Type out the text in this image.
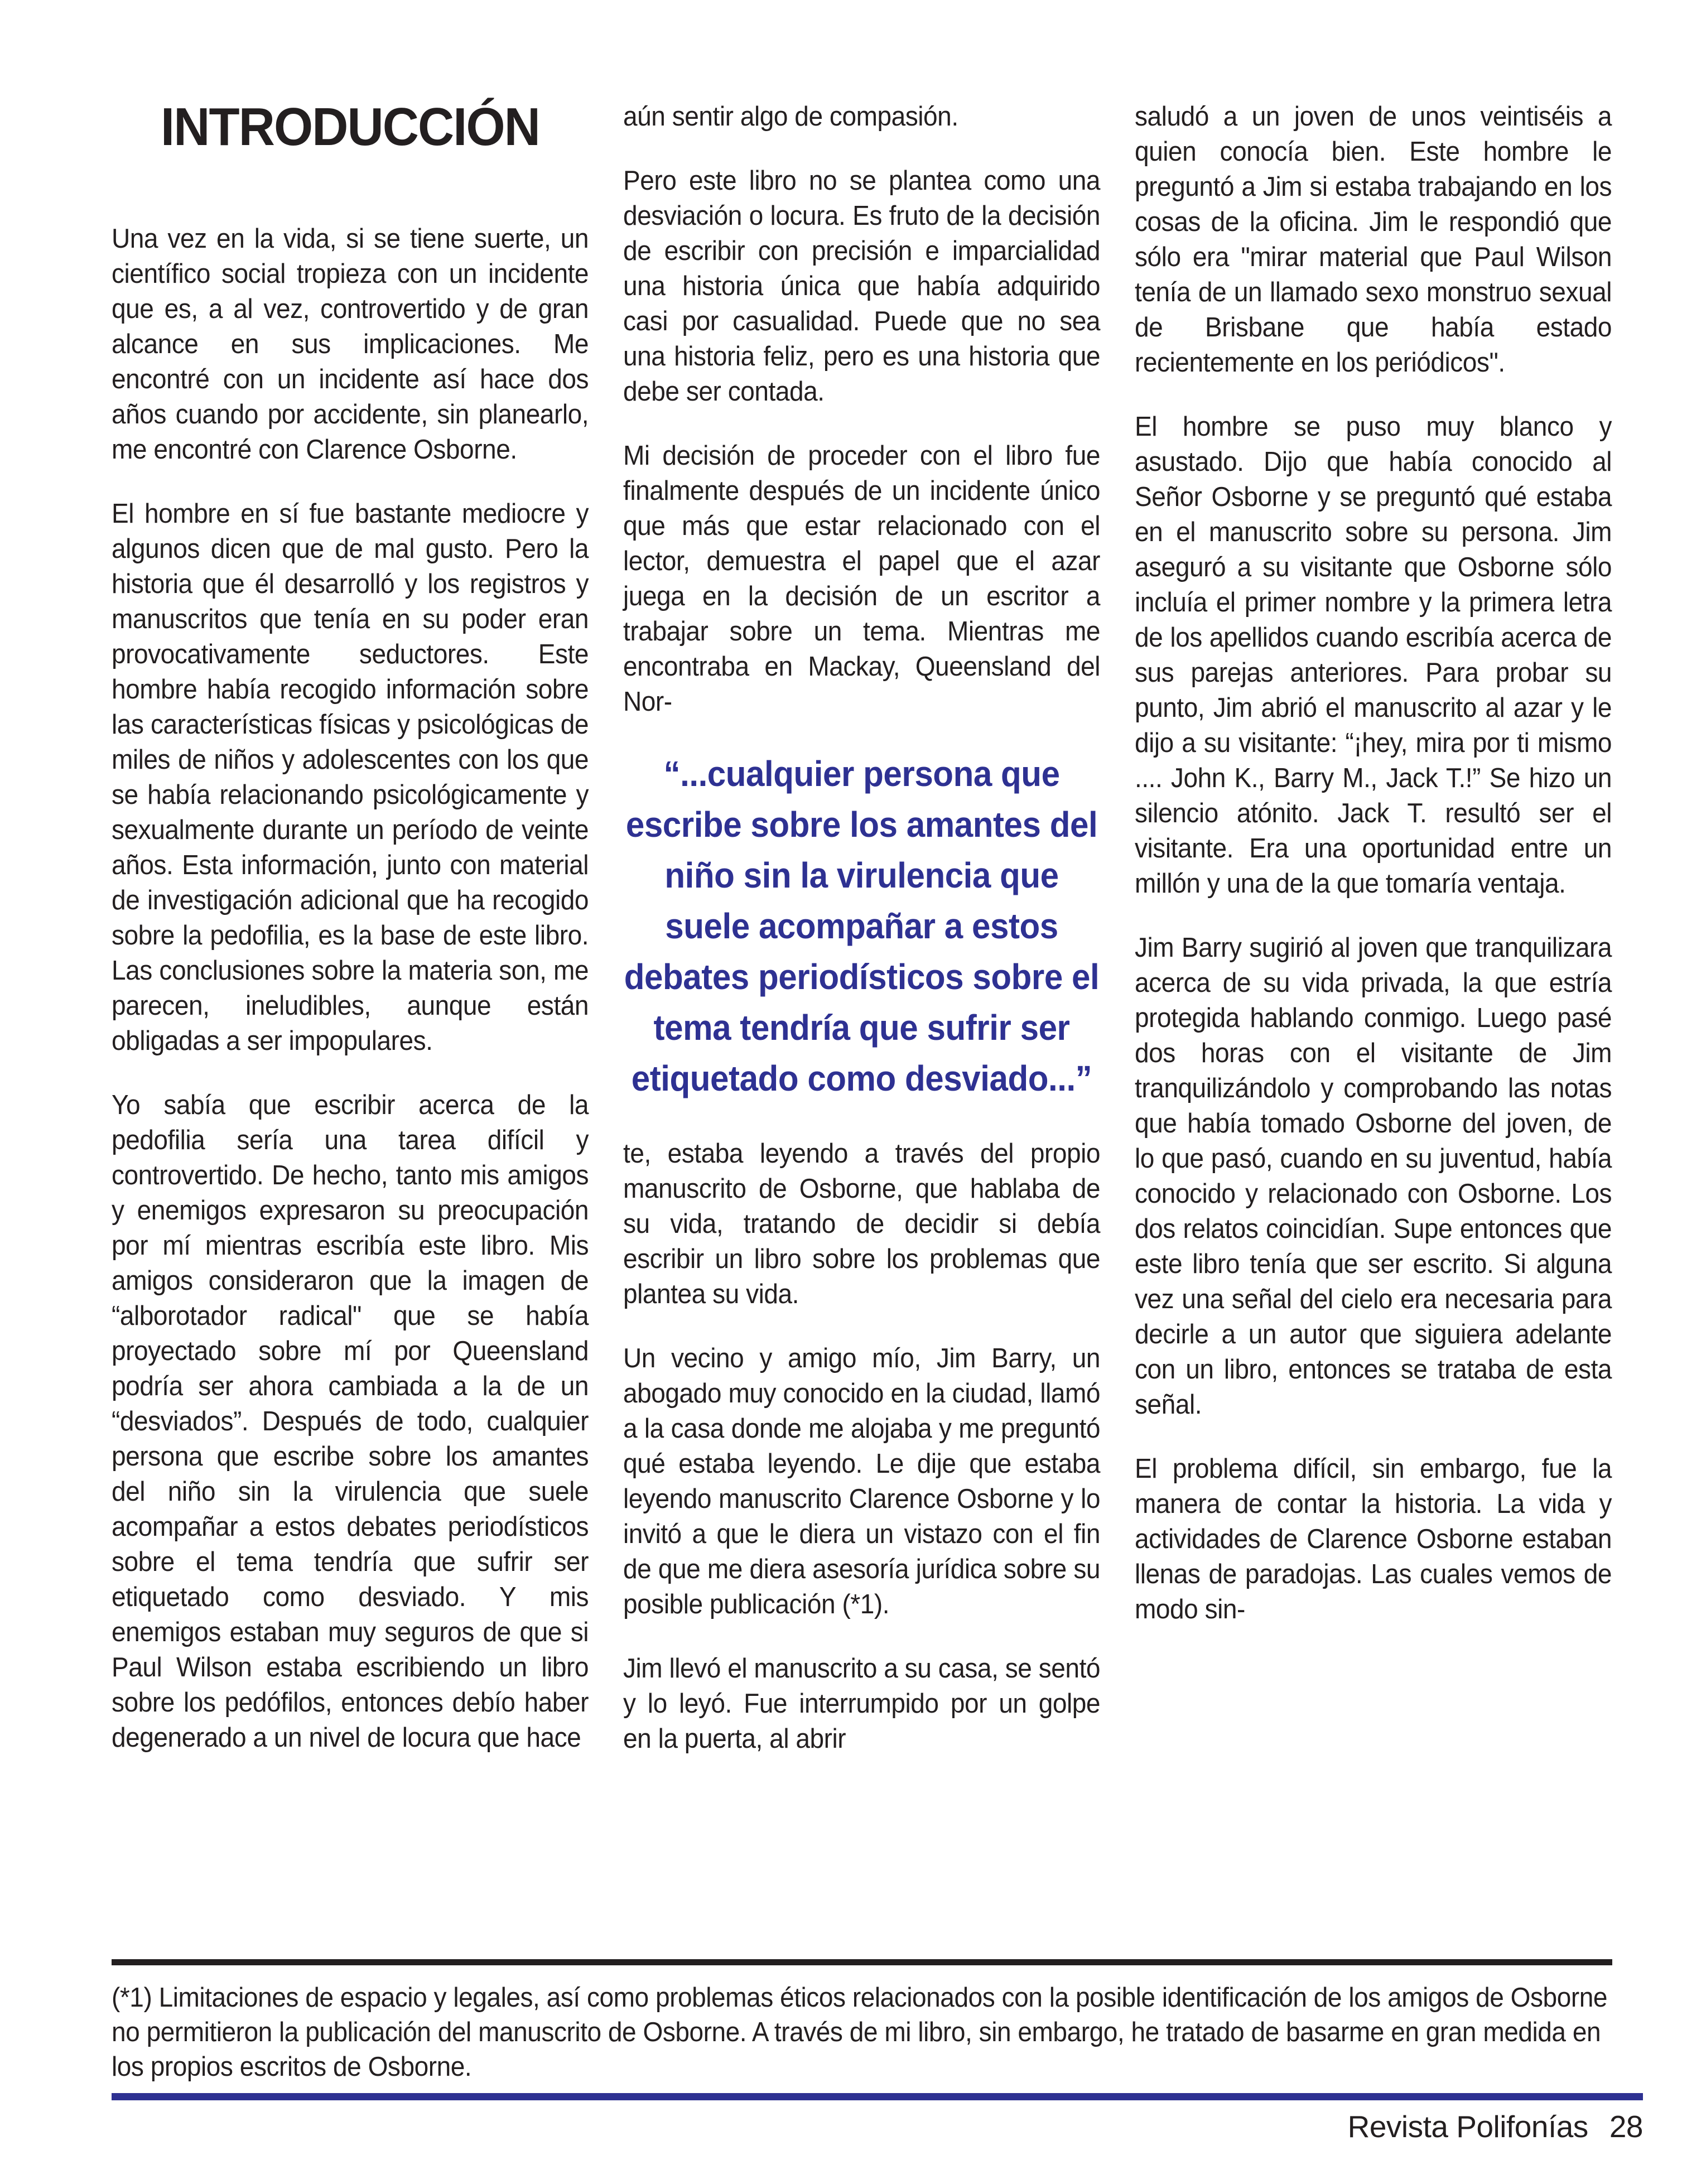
INTRODUCCIÓN

Una vez en la vida, si se tiene suerte, un científico social tropieza con un incidente que es, a al vez, controvertido y de gran alcance en sus implicaciones. Me encontré con un incidente así hace dos años cuando por accidente, sin planearlo, me encontré con Clarence Osborne.

El hombre en sí fue bastante mediocre y algunos dicen que de mal gusto. Pero la historia que él desarrolló y los registros y manuscritos que tenía en su poder eran provocativamente seductores. Este hombre había recogido información sobre las características físicas y psicológicas de miles de niños y adolescentes con los que se había relacionando psicológicamente y sexualmente durante un período de veinte años. Esta información, junto con material de investigación adicional que ha recogido sobre la pedofilia, es la base de este libro. Las conclusiones sobre la materia son, me parecen, ineludibles, aunque están obligadas a ser impopulares.

Yo sabía que escribir acerca de la pedofilia sería una tarea difícil y controvertido. De hecho, tanto mis amigos y enemigos expresaron su preocupación por mí mientras escribía este libro. Mis amigos consideraron que la imagen de “alborotador radical" que se había proyectado sobre mí por Queensland podría ser ahora cambiada a la de un “desviados”. Después de todo, cualquier persona que escribe sobre los amantes del niño sin la virulencia que suele acompañar a estos debates periodísticos sobre el tema tendría que sufrir ser etiquetado como desviado. Y mis enemigos estaban muy seguros de que si Paul Wilson estaba escribiendo un libro sobre los pedófilos, entonces debío haber degenerado a un nivel de locura que hace

aún sentir algo de compasión.

Pero este libro no se plantea como una desviación o locura. Es fruto de la decisión de escribir con precisión e imparcialidad una historia única que había adquirido casi por casualidad. Puede que no sea una historia feliz, pero es una historia que debe ser contada.

Mi decisión de proceder con el libro fue finalmente después de un incidente único que más que estar relacionado con el lector, demuestra el papel que el azar juega en la decisión de un escritor a trabajar sobre un tema. Mientras me encontraba en Mackay, Queensland del Nor-

“...cualquier persona que escribe sobre los amantes del niño sin la virulencia que suele acompañar a estos debates periodísticos sobre el tema tendría que sufrir ser etiquetado como desviado...”

te, estaba leyendo a través del propio manuscrito de Osborne, que hablaba de su vida, tratando de decidir si debía escribir un libro sobre los problemas que plantea su vida.

Un vecino y amigo mío, Jim Barry, un abogado muy conocido en la ciudad, llamó a la casa donde me alojaba y me preguntó qué estaba leyendo. Le dije que estaba leyendo manuscrito Clarence Osborne y lo invitó a que le diera un vistazo con el fin de que me diera asesoría jurídica sobre su posible publicación (*1).

Jim llevó el manuscrito a su casa, se sentó y lo leyó. Fue interrumpido por un golpe en la puerta, al abrir

saludó a un joven de unos veintiséis a quien conocía bien. Este hombre le preguntó a Jim si estaba trabajando en los cosas de la oficina. Jim le respondió que sólo era "mirar material que Paul Wilson tenía de un llamado sexo monstruo sexual de Brisbane que había estado recientemente en los periódicos".

El hombre se puso muy blanco y asustado. Dijo que había conocido al Señor Osborne y se preguntó qué estaba en el manuscrito sobre su persona. Jim aseguró a su visitante que Osborne sólo incluía el primer nombre y la primera letra de los apellidos cuando escribía acerca de sus parejas anteriores. Para probar su punto, Jim abrió el manuscrito al azar y le dijo a su visitante: “¡hey, mira por ti mismo .... John K., Barry M., Jack T.!” Se hizo un silencio atónito. Jack T. resultó ser el visitante. Era una oportunidad entre un millón y una de la que tomaría ventaja.

Jim Barry sugirió al joven que tranquilizara acerca de su vida privada, la que estría protegida hablando conmigo. Luego pasé dos horas con el visitante de Jim tranquilizándolo y comprobando las notas que había tomado Osborne del joven, de lo que pasó, cuando en su juventud, había conocido y relacionado con Osborne. Los dos relatos coincidían. Supe entonces que este libro tenía que ser escrito. Si alguna vez una señal del cielo era necesaria para decirle a un autor que siguiera adelante con un libro, entonces se trataba de esta señal.

El problema difícil, sin embargo, fue la manera de contar la historia. La vida y actividades de Clarence Osborne estaban llenas de paradojas. Las cuales vemos de modo sin-

(*1) Limitaciones de espacio y legales, así como problemas éticos relacionados con la posible identificación de los amigos de Osborne no permitieron la publicación del manuscrito de Osborne. A través de mi libro, sin embargo, he tratado de basarme en gran medida en los propios escritos de Osborne.
Revista Polifonías 28
